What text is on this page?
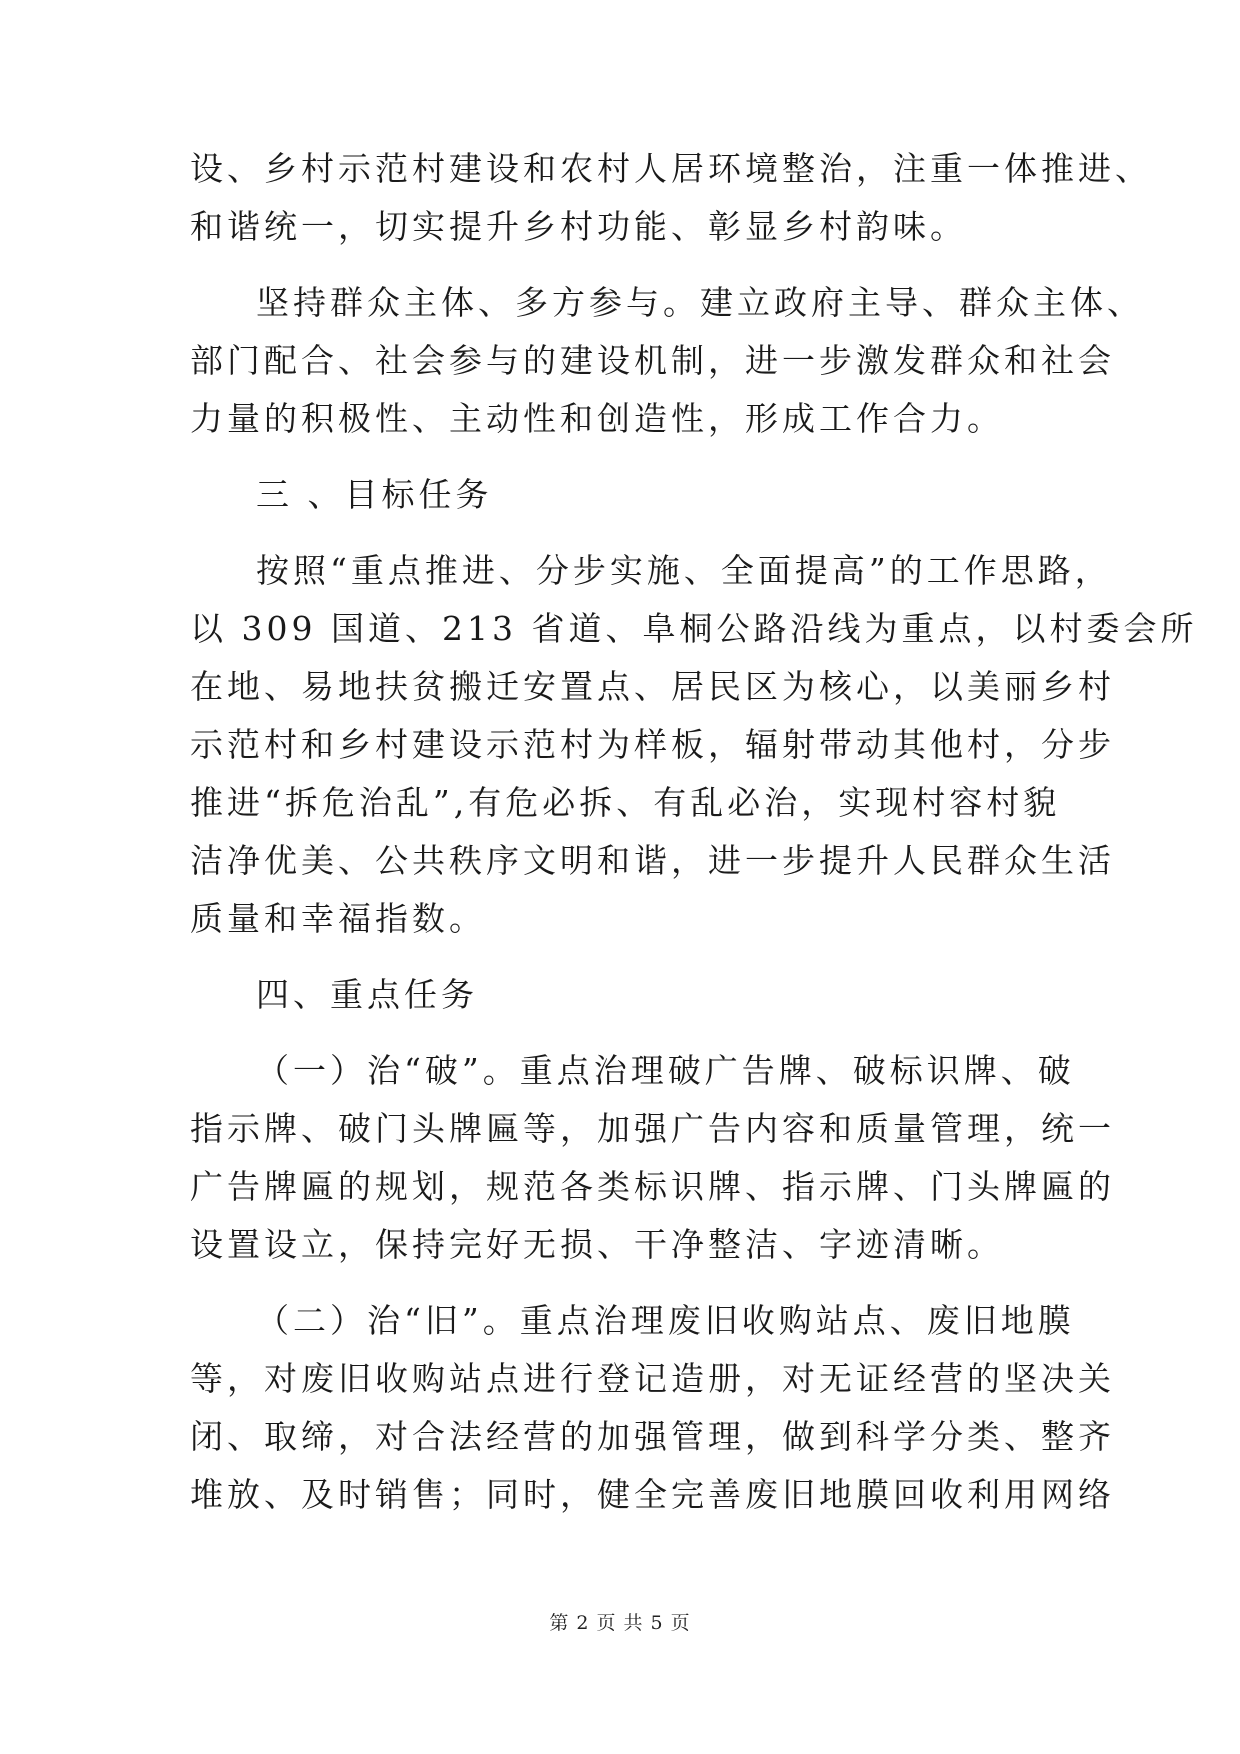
设、乡村示范村建设和农村人居环境整治，注重一体推进、
和谐统一，切实提升乡村功能、彰显乡村韵味。

坚持群众主体、多方参与。建立政府主导、群众主体、
部门配合、社会参与的建设机制，进一步激发群众和社会
力量的积极性、主动性和创造性，形成工作合力。

三 、目标任务

按照“重点推进、分步实施、全面提高”的工作思路，
以 309 国道、213 省道、阜桐公路沿线为重点，以村委会所
在地、易地扶贫搬迁安置点、居民区为核心，以美丽乡村
示范村和乡村建设示范村为样板，辐射带动其他村，分步
推进“拆危治乱”,有危必拆、有乱必治，实现村容村貌
洁净优美、公共秩序文明和谐，进一步提升人民群众生活
质量和幸福指数。

四、重点任务

（一）治“破”。重点治理破广告牌、破标识牌、破
指示牌、破门头牌匾等，加强广告内容和质量管理，统一
广告牌匾的规划，规范各类标识牌、指示牌、门头牌匾的
设置设立，保持完好无损、干净整洁、字迹清晰。

（二）治“旧”。重点治理废旧收购站点、废旧地膜
等，对废旧收购站点进行登记造册，对无证经营的坚决关
闭、取缔，对合法经营的加强管理，做到科学分类、整齐
堆放、及时销售；同时，健全完善废旧地膜回收利用网络

第 2 页 共 5 页
